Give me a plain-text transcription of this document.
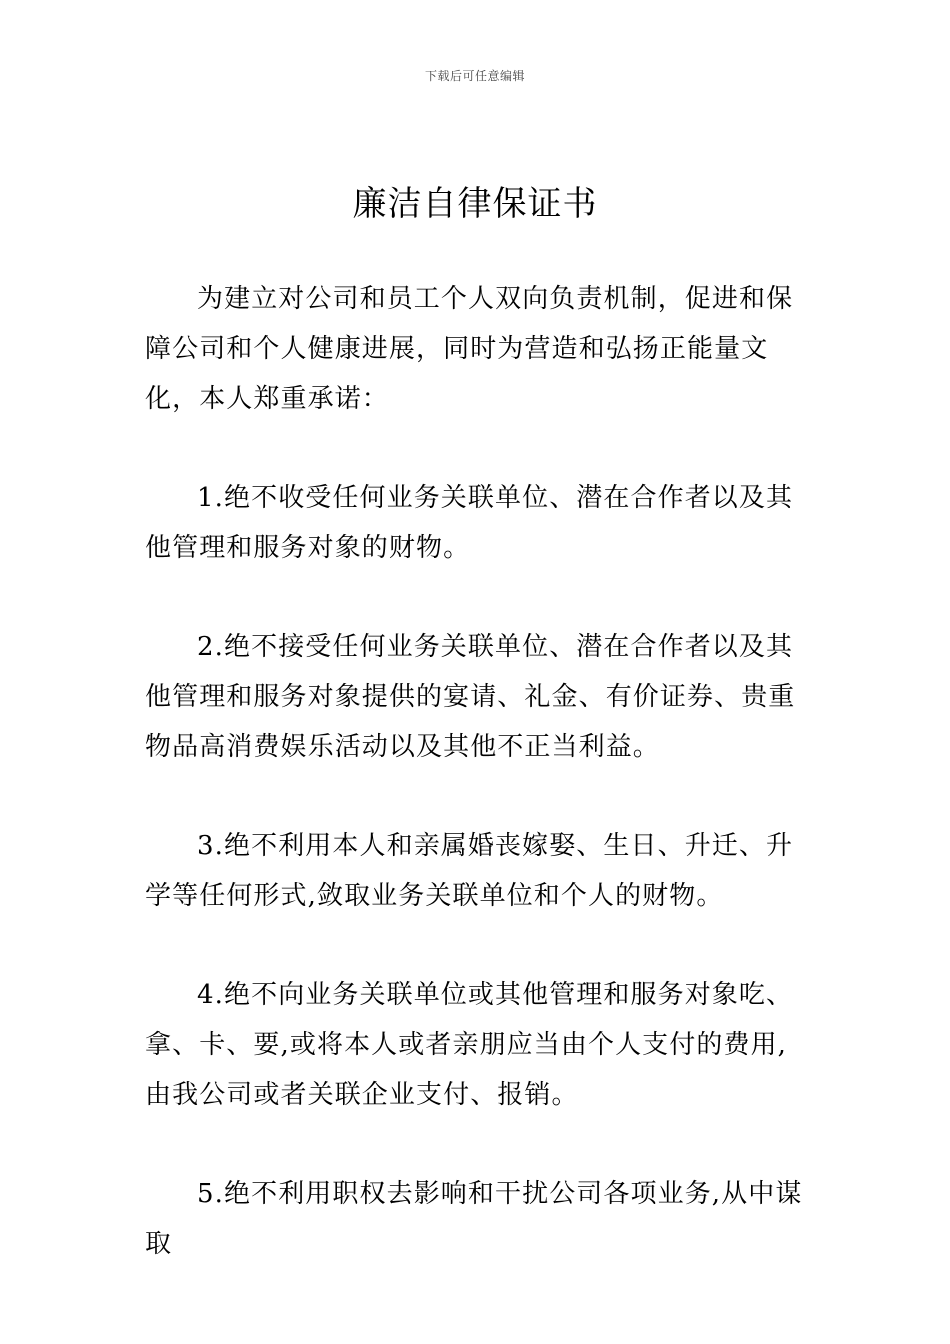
下载后可任意编辑
廉洁自律保证书

为建立对公司和员工个人双向负责机制，促进和保障公司和个人健康进展，同时为营造和弘扬正能量文化，本人郑重承诺：

1.绝不收受任何业务关联单位、潜在合作者以及其他管理和服务对象的财物。

2.绝不接受任何业务关联单位、潜在合作者以及其他管理和服务对象提供的宴请、礼金、有价证券、贵重物品高消费娱乐活动以及其他不正当利益。

3.绝不利用本人和亲属婚丧嫁娶、生日、升迁、升学等任何形式,敛取业务关联单位和个人的财物。

4.绝不向业务关联单位或其他管理和服务对象吃、拿、卡、要,或将本人或者亲朋应当由个人支付的费用,由我公司或者关联企业支付、报销。

5.绝不利用职权去影响和干扰公司各项业务,从中谋取
